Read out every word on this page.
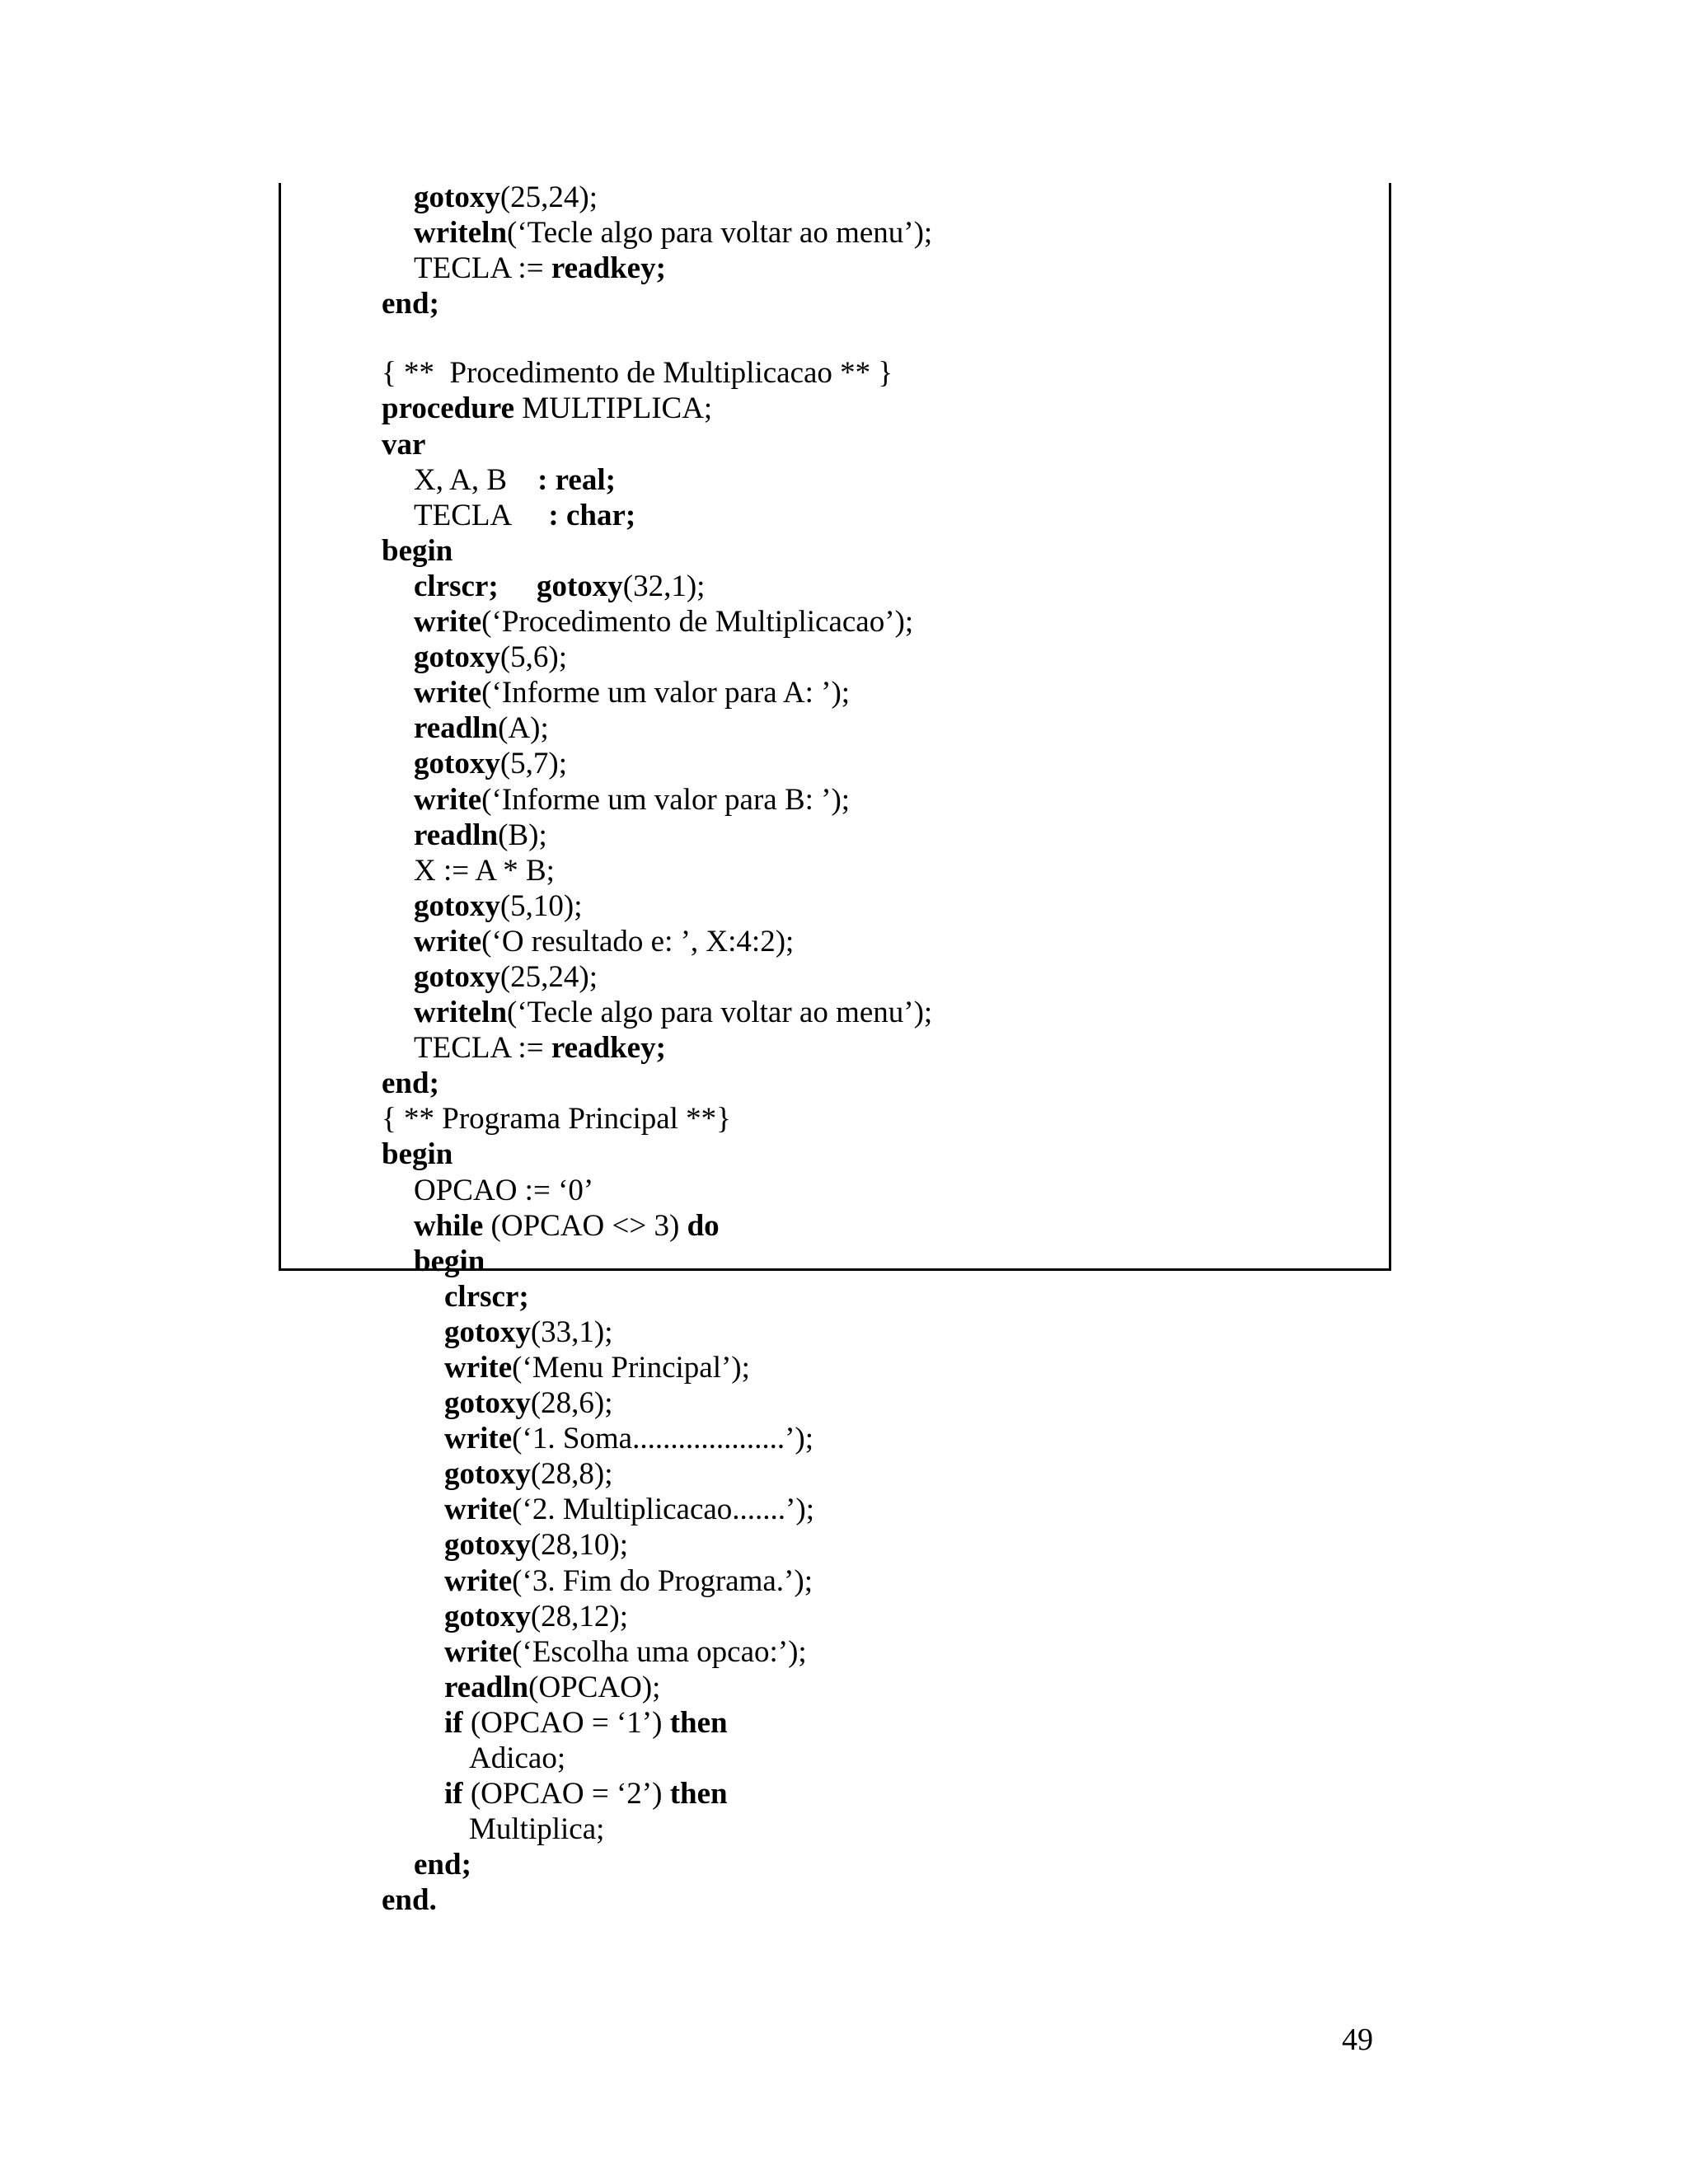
gotoxy(25,24);
writeln(‘Tecle algo para voltar ao menu’);
TECLA := readkey;
end;
{ **  Procedimento de Multiplicacao ** }
procedure MULTIPLICA;
var
X, A, B    : real;
TECLA     : char;
begin
clrscr; gotoxy(32,1);
write(‘Procedimento de Multiplicacao’);
gotoxy(5,6);
write(‘Informe um valor para A: ’);
readln(A);
gotoxy(5,7);
write(‘Informe um valor para B: ’);
readln(B);
X := A * B;
gotoxy(5,10);
write(‘O resultado e: ’, X:4:2);
gotoxy(25,24);
writeln(‘Tecle algo para voltar ao menu’);
TECLA := readkey;
end;
{ ** Programa Principal **}
begin
OPCAO := ‘0’
while (OPCAO <> 3) do
begin
clrscr;
gotoxy(33,1);
write(‘Menu Principal’);
gotoxy(28,6);
write(‘1. Soma....................’);
gotoxy(28,8);
write(‘2. Multiplicacao.......’);
gotoxy(28,10);
write(‘3. Fim do Programa.’);
gotoxy(28,12);
write(‘Escolha uma opcao:’);
readln(OPCAO);
if (OPCAO = ‘1’) then
Adicao;
if (OPCAO = ‘2’) then
Multiplica;
end;
end.
49
